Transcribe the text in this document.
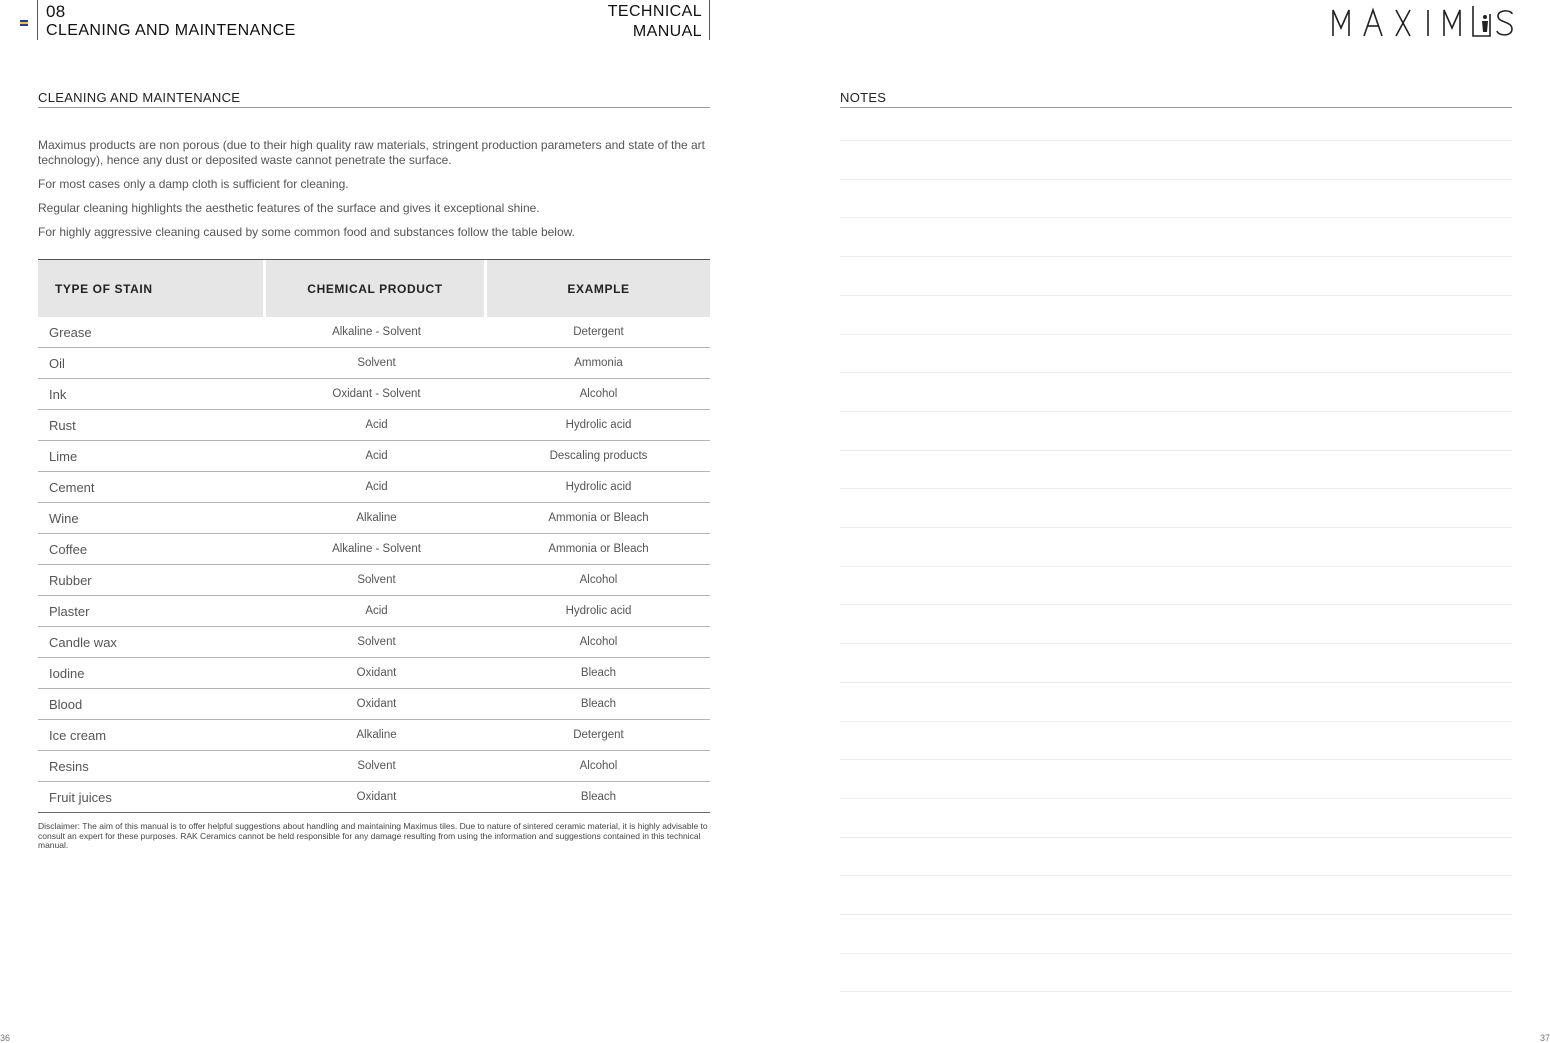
08
CLEANING AND MAINTENANCE
TECHNICAL
MANUAL
CLEANING AND MAINTENANCE

Maximus products are non porous (due to their high quality raw materials, stringent production parameters and state of the art technology), hence any dust or deposited waste cannot penetrate the surface.

For most cases only a damp cloth is sufficient for cleaning.

Regular cleaning highlights the aesthetic features of the surface and gives it exceptional shine.

For highly aggressive cleaning caused by some common food and substances follow the table below.

TYPE OF STAIN	CHEMICAL PRODUCT	EXAMPLE
Grease	Alkaline - Solvent	Detergent
Oil	Solvent	Ammonia
Ink	Oxidant - Solvent	Alcohol
Rust	Acid	Hydrolic acid
Lime	Acid	Descaling products
Cement	Acid	Hydrolic acid
Wine	Alkaline	Ammonia or Bleach
Coffee	Alkaline - Solvent	Ammonia or Bleach
Rubber	Solvent	Alcohol
Plaster	Acid	Hydrolic acid
Candle wax	Solvent	Alcohol
Iodine	Oxidant	Bleach
Blood	Oxidant	Bleach
Ice cream	Alkaline	Detergent
Resins	Solvent	Alcohol
Fruit juices	Oxidant	Bleach
Disclaimer: The aim of this manual is to offer helpful suggestions about handling and maintaining Maximus tiles. Due to nature of sintered ceramic material, it is highly advisable to consult an expert for these purposes. RAK Ceramics cannot be held responsible for any damage resulting from using the information and suggestions contained in this technical manual.
NOTES
36	37
